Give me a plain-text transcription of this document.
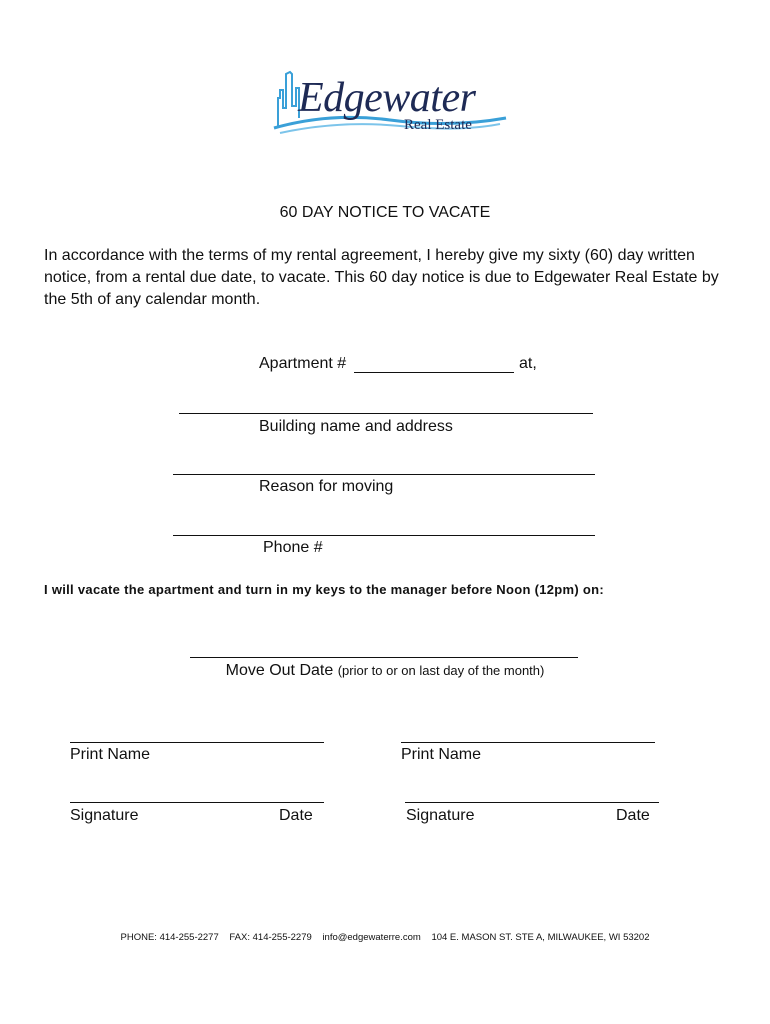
Edgewater
Real Estate
60 DAY NOTICE TO VACATE
In accordance with the terms of my rental agreement, I hereby give my sixty (60) day written notice, from a rental due date, to vacate. This 60 day notice is due to Edgewater Real Estate by the 5th of any calendar month.
Apartment #	at,
Building name and address
Reason for moving
Phone #
I will vacate the apartment and turn in my keys to the manager before Noon (12pm) on:
Move Out Date (prior to or on last day of the month)
Print Name	Print Name
Signature	Date	Signature	Date
PHONE: 414-255-2277 FAX: 414-255-2279 info@edgewaterre.com 104 E. MASON ST. STE A, MILWAUKEE, WI 53202
